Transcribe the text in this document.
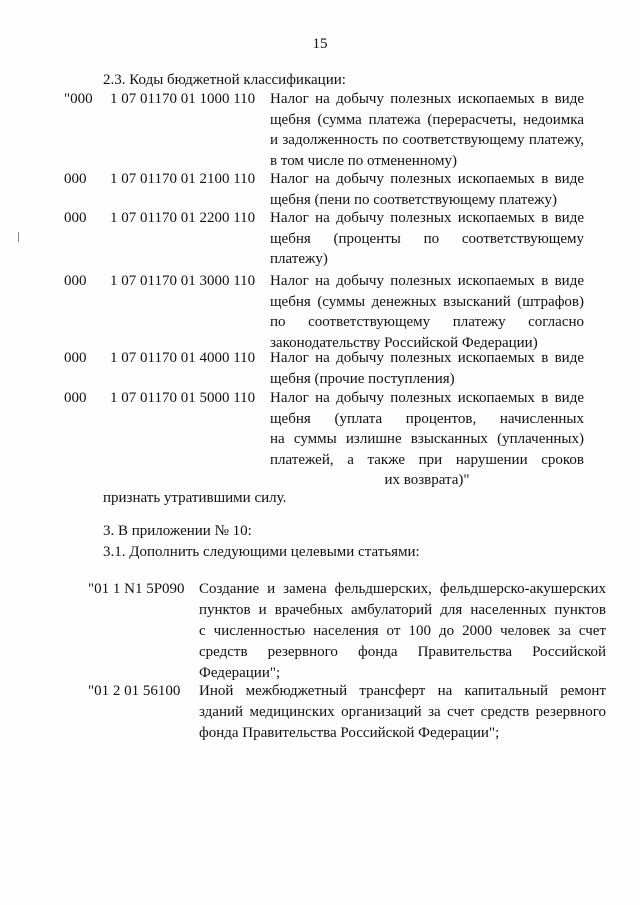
15
2.3. Коды бюджетной классификации:
"000 1 07 01170 01 1000 110 Налог на добычу полезных ископаемых в виде
щебня (сумма платежа (перерасчеты, недоимка
и задолженность по соответствующему платежу,
в том числе по отмененному)
000 1 07 01170 01 2100 110 Налог на добычу полезных ископаемых в виде
щебня (пени по соответствующему платежу)
000 1 07 01170 01 2200 110 Налог на добычу полезных ископаемых в виде
щебня (проценты по соответствующему
платежу)
000 1 07 01170 01 3000 110 Налог на добычу полезных ископаемых в виде
щебня (суммы денежных взысканий (штрафов)
по соответствующему платежу согласно
законодательству Российской Федерации)
000 1 07 01170 01 4000 110 Налог на добычу полезных ископаемых в виде
щебня (прочие поступления)
000 1 07 01170 01 5000 110 Налог на добычу полезных ископаемых в виде
щебня (уплата процентов, начисленных
на суммы излишне взысканных (уплаченных)
платежей, а также при нарушении сроков
их возврата)"
признать утратившими силу.
3. В приложении № 10:
3.1. Дополнить следующими целевыми статьями:
"01 1 N1 5P090 Создание и замена фельдшерских, фельдшерско-акушерских
пунктов и врачебных амбулаторий для населенных пунктов
с численностью населения от 100 до 2000 человек за счет
средств резервного фонда Правительства Российской
Федерации";
"01 2 01 56100 Иной межбюджетный трансферт на капитальный ремонт
зданий медицинских организаций за счет средств резервного
фонда Правительства Российской Федерации";
